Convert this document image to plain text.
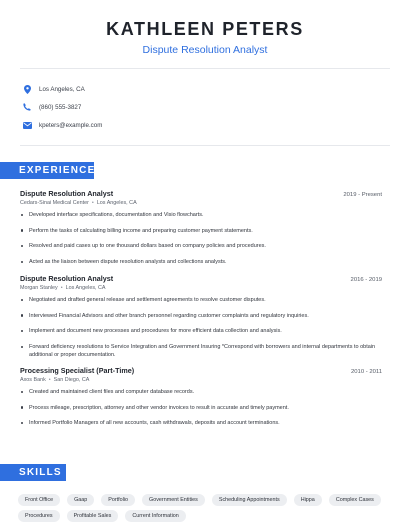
KATHLEEN PETERS
Dispute Resolution Analyst
Los Angeles, CA
(860) 555-3827
kpeters@example.com
EXPERIENCE
Dispute Resolution Analyst	2019 - Present
Cedars-Sinai Medical Center • Los Angeles, CA
Developed interface specifications, documentation and Visio flowcharts.
Perform the tasks of calculating billing income and preparing customer payment statements.
Resolved and paid cases up to one thousand dollars based on company policies and procedures.
Acted as the liaison between dispute resolution analysts and collections analysts.
Dispute Resolution Analyst	2016 - 2019
Morgan Stanley • Los Angeles, CA
Negotiated and drafted general release and settlement agreements to resolve customer disputes.
Interviewed Financial Advisors and other branch personnel regarding customer complaints and regulatory inquiries.
Implement and document new processes and procedures for more efficient data collection and analysis.
Forward deficiency resolutions to Service Integration and Government Insuring *Correspond with borrowers and internal departments to obtain additional or proper documentation.
Processing Specialist (Part-Time)	2010 - 2011
Axos Bank • San Diego, CA
Created and maintained client files and computer database records.
Process mileage, prescription, attorney and other vendor invoices to result in accurate and timely payment.
Informed Portfolio Managers of all new accounts, cash withdrawals, deposits and account terminations.
SKILLS
Front Office	Gaap	Portfolio	Government Entities	Scheduling Appointments	Hippa	Complex Cases
Procedures	Profitable Sales	Current Information
